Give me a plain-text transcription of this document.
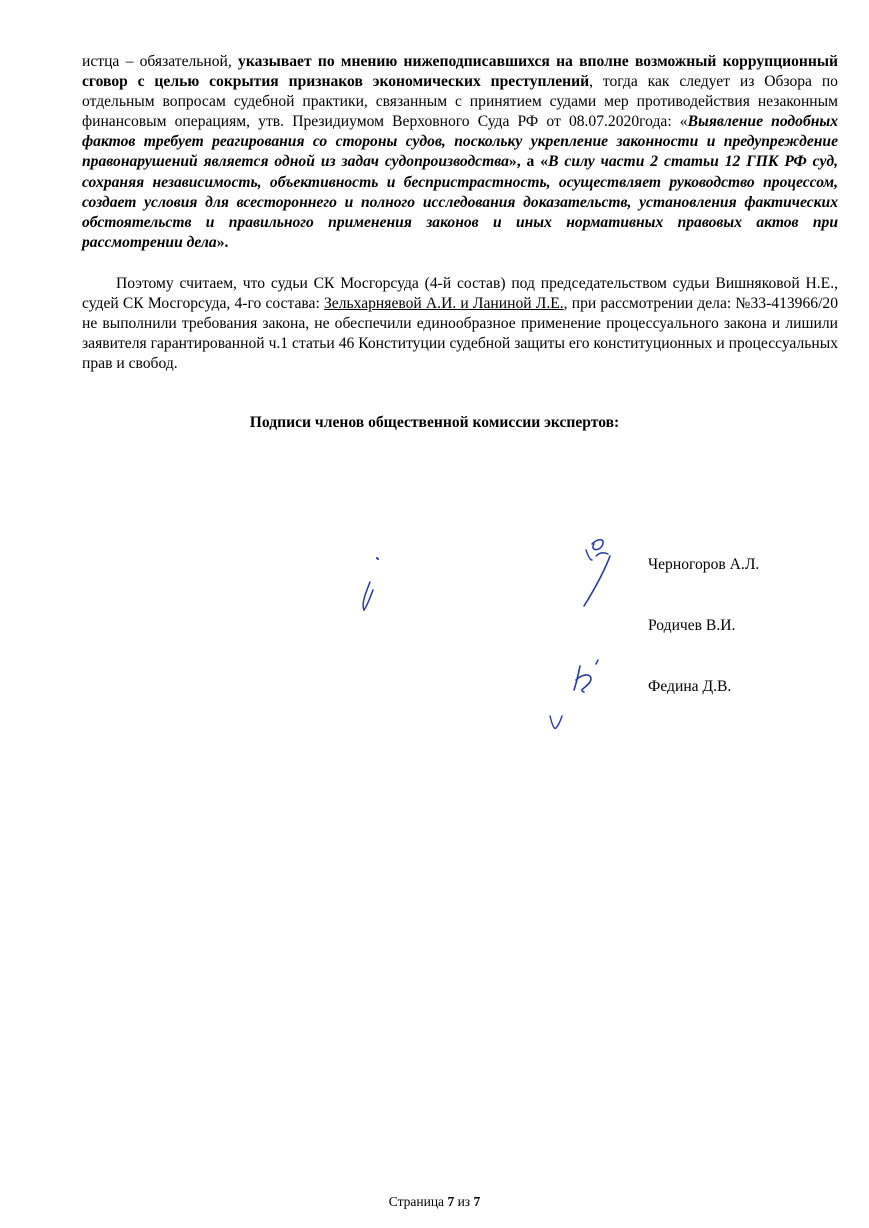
истца – обязательной, указывает по мнению нижеподписавшихся на вполне возможный коррупционный сговор с целью сокрытия признаков экономических преступлений, тогда как следует из Обзора по отдельным вопросам судебной практики, связанным с принятием судами мер противодействия незаконным финансовым операциям, утв. Президиумом Верховного Суда РФ от 08.07.2020года: «Выявление подобных фактов требует реагирования со стороны судов, поскольку укрепление законности и предупреждение правонарушений является одной из задач судопроизводства», а «В силу части 2 статьи 12 ГПК РФ суд, сохраняя независимость, объективность и беспристрастность, осуществляет руководство процессом, создает условия для всестороннего и полного исследования доказательств, установления фактических обстоятельств и правильного применения законов и иных нормативных правовых актов при рассмотрении дела».

Поэтому считаем, что судьи СК Мосгорсуда (4-й состав) под председательством судьи Вишняковой Н.Е., судей СК Мосгорсуда, 4-го состава: Зельхарняевой А.И. и Ланиной Л.Е., при рассмотрении дела: №33-413966/20 не выполнили требования закона, не обеспечили единообразное применение процессуального закона и лишили заявителя гарантированной ч.1 статьи 46 Конституции судебной защиты его конституционных и процессуальных прав и свобод.

Подписи членов общественной комиссии экспертов:

Черногоров А.Л.

Родичев В.И.

Федина Д.В.

Страница 7 из 7
